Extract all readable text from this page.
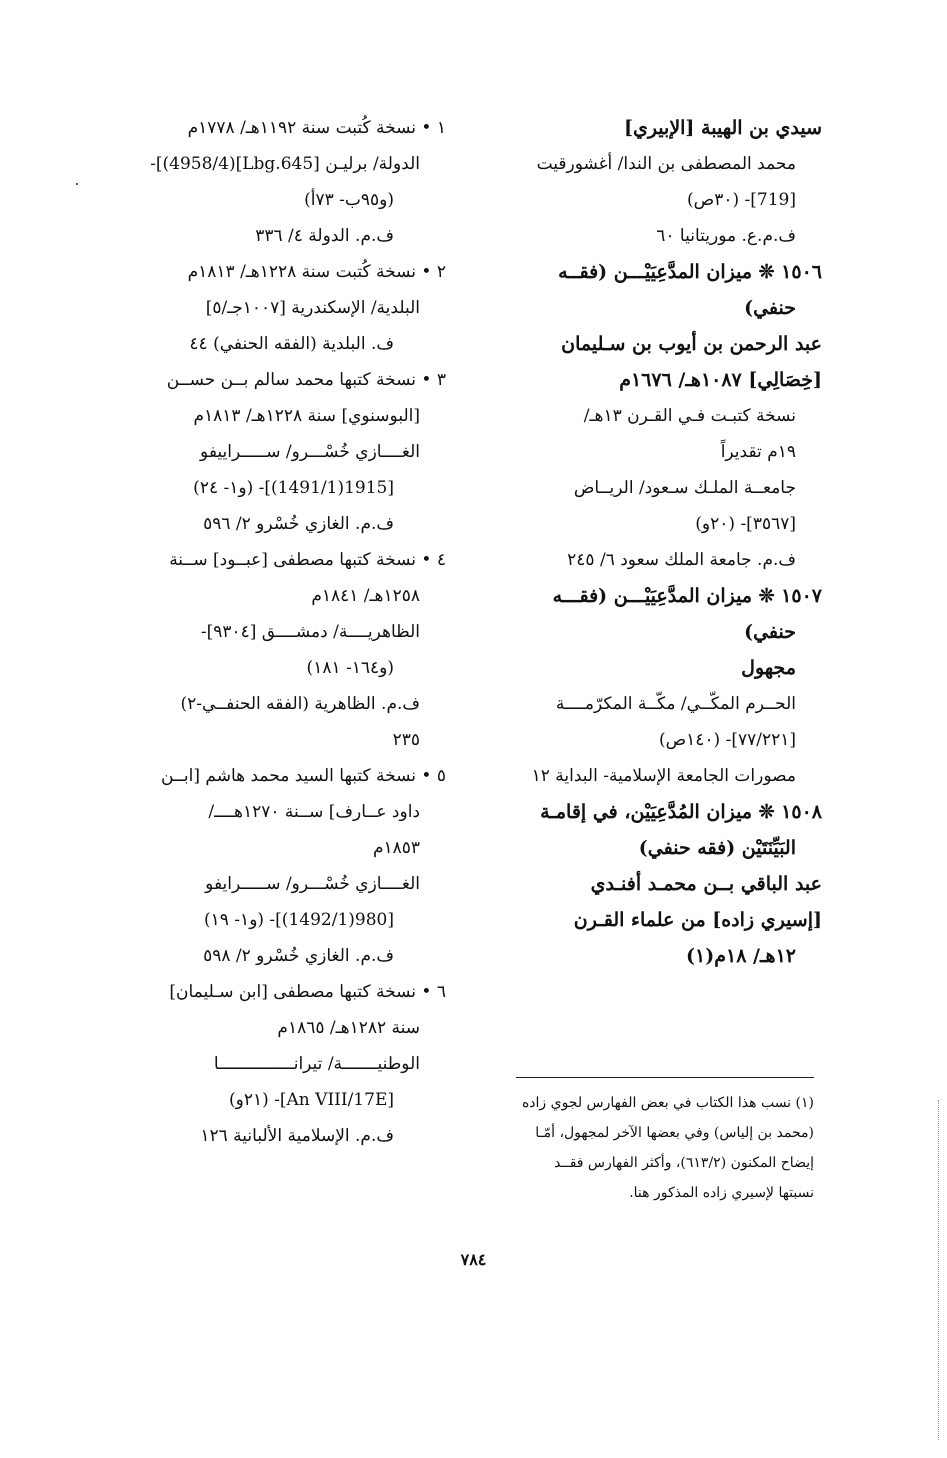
سيدي بن الهيبة [الإبيري]
محمد المصطفى بن الندا/ أغشورقيت
[719]- (٣٠ص)
ف.م.ع. موريتانيا ٦٠
١٥٠٦ ❊ ميزان المدَّعِيَيْـــن (فقــه
حنفي)
عبد الرحمن بن أيوب بن سـليمان
[خِصَالِي] ١٠٨٧هـ/ ١٦٧٦م
نسخة كتبـت فـي القـرن ١٣هـ/
١٩م تقديراً
جامعــة الملـك سـعود/ الريــاض
[٣٥٦٧]- (٢٠و)
ف.م. جامعة الملك سعود ٦/ ٢٤٥
١٥٠٧ ❊ ميزان المدَّعِيَيْـــن (فقـــه
حنفي)
مجهول
الحــرم المكّــي/ مكّــة المكرّمــــة
[٧٧/٢٢١]- (١٤٠ص)
مصورات الجامعة الإسلامية- البداية ١٢
١٥٠٨ ❊ ميزان المُدَّعِيَيْن، في إقامـة
البَيِّنَتَيْن (فقه حنفي)
عبد الباقي بــن محمـد أفنـدي
[إسيري زاده] من علماء القـرن
١٢هـ/ ١٨م(١)
١ • نسخة كُتبت سنة ١١٩٢هـ/ ١٧٧٨م
الدولة/ برليـن [Lbg.645](4958/4)]-
(و٩٥ب- ٧٣أ)
ف.م. الدولة ٤/ ٣٣٦
٢ • نسخة كُتبت سنة ١٢٢٨هـ/ ١٨١٣م
البلدية/ الإسكندرية [١٠٠٧جـ/٥]
ف. البلدية (الفقه الحنفي) ٤٤
٣ • نسخة كتبها محمد سالم بــن حســن
[البوسنوي] سنة ١٢٢٨هـ/ ١٨١٣م
الغــــازي خُسْـــرو/ ســـــراييفو
[1915(1491/1)]- (و١- ٢٤)
ف.م. الغازي خُسْرو ٢/ ٥٩٦
٤ • نسخة كتبها مصطفى [عبــود] ســنة
١٢٥٨هـ/ ١٨٤١م
الظاهريــــة/ دمشــــق [٩٣٠٤]-
(و١٦٤- ١٨١)
ف.م. الظاهرية (الفقه الحنفــي-٢)
٢٣٥
٥ • نسخة كتبها السيد محمد هاشم [ابــن
داود عــارف] ســنة ١٢٧٠هــــ/
١٨٥٣م
الغــــازي خُسْـــرو/ ســـــرايفو
[980(1492/1)]- (و١- ١٩)
ف.م. الغازي خُسْرو ٢/ ٥٩٨
٦ • نسخة كتبها مصطفى [ابن سـليمان]
سنة ١٢٨٢هـ/ ١٨٦٥م
الوطنيـــــــة/ تيرانـــــــــــــــا
[An VIII/17E]- (٢١و)
ف.م. الإسلامية الألبانية ١٢٦
(١) نسب هذا الكتاب في بعض الفهارس لجوي زاده
(محمد بن إلياس) وفي بعضها الآخر لمجهول، أمّـا
إيضاح المكنون (٦١٣/٢)، وأكثر الفهارس فقــد
نسبتها لإسيري زاده المذكور هنا.
٧٨٤
